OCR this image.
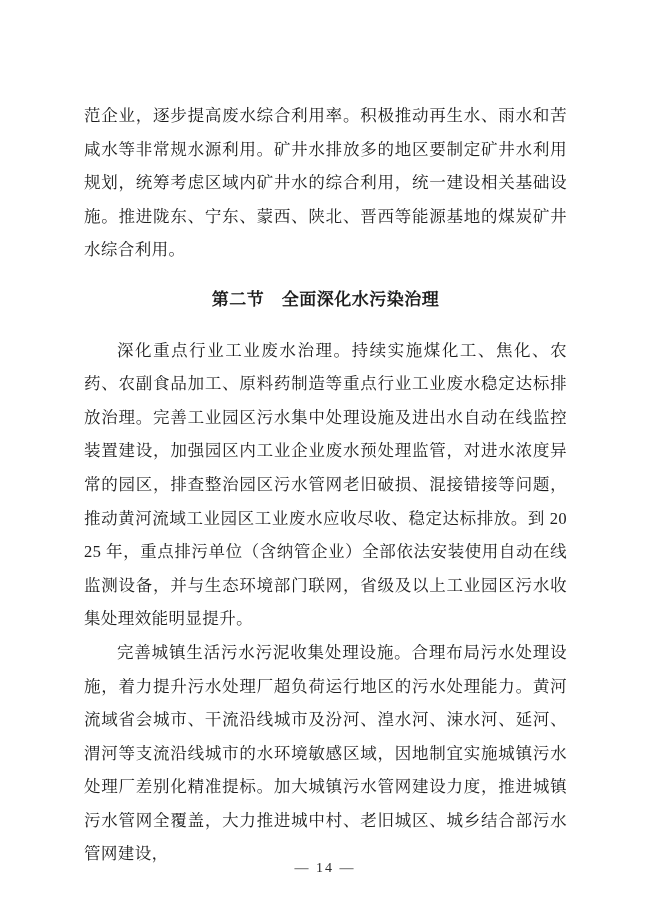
范企业，逐步提高废水综合利用率。积极推动再生水、雨水和苦咸水等非常规水源利用。矿井水排放多的地区要制定矿井水利用规划，统筹考虑区域内矿井水的综合利用，统一建设相关基础设施。推进陇东、宁东、蒙西、陕北、晋西等能源基地的煤炭矿井水综合利用。

第二节　全面深化水污染治理

深化重点行业工业废水治理。持续实施煤化工、焦化、农药、农副食品加工、原料药制造等重点行业工业废水稳定达标排放治理。完善工业园区污水集中处理设施及进出水自动在线监控装置建设，加强园区内工业企业废水预处理监管，对进水浓度异常的园区，排查整治园区污水管网老旧破损、混接错接等问题，推动黄河流域工业园区工业废水应收尽收、稳定达标排放。到 2025 年，重点排污单位（含纳管企业）全部依法安装使用自动在线监测设备，并与生态环境部门联网，省级及以上工业园区污水收集处理效能明显提升。

完善城镇生活污水污泥收集处理设施。合理布局污水处理设施，着力提升污水处理厂超负荷运行地区的污水处理能力。黄河流域省会城市、干流沿线城市及汾河、湟水河、涑水河、延河、渭河等支流沿线城市的水环境敏感区域，因地制宜实施城镇污水处理厂差别化精准提标。加大城镇污水管网建设力度，推进城镇污水管网全覆盖，大力推进城中村、老旧城区、城乡结合部污水管网建设，

— 14 —
